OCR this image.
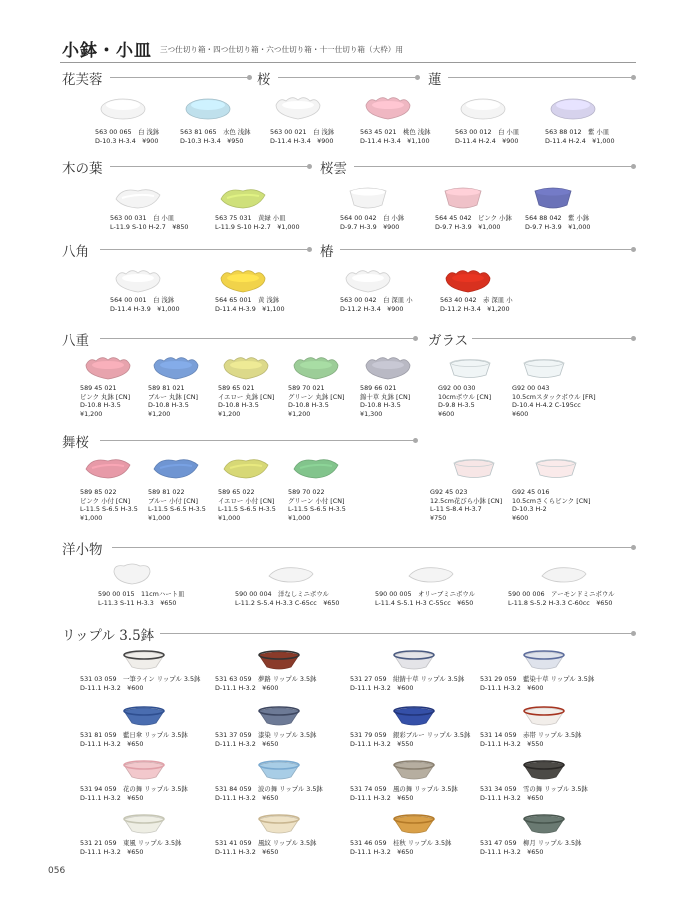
小鉢・小皿 三つ仕切り箱・四つ仕切り箱・六つ仕切り箱・十一仕切り箱（大枠）用
花芙蓉	桜	蓮
木の葉	桜雲
八角	椿
八重	ガラス
舞桜
洋小物
リップル 3.5鉢
563 00 065　白 浅鉢
D-10.3 H-3.4　¥900
563 81 065　水色 浅鉢
D-10.3 H-3.4　¥950
563 00 021　白 浅鉢
D-11.4 H-3.4　¥900
563 45 021　桃色 浅鉢
D-11.4 H-3.4　¥1,100
563 00 012　白 小皿
D-11.4 H-2.4　¥900
563 88 012　紫 小皿
D-11.4 H-2.4　¥1,000
563 00 031　白 小皿
L-11.9 S-10 H-2.7　¥850
563 75 031　黄緑 小皿
L-11.9 S-10 H-2.7　¥1,000
564 00 042　白 小鉢
D-9.7 H-3.9　¥900
564 45 042　ピンク 小鉢
D-9.7 H-3.9　¥1,000
564 88 042　紫 小鉢
D-9.7 H-3.9　¥1,000
564 00 001　白 浅鉢
D-11.4 H-3.9　¥1,000
564 65 001　黄 浅鉢
D-11.4 H-3.9　¥1,100
563 00 042　白 深皿 小
D-11.2 H-3.4　¥900
563 40 042　赤 深皿 小
D-11.2 H-3.4　¥1,200
589 45 021
ピンク 丸鉢 [CN]
D-10.8 H-3.5
¥1,200
589 81 021
ブルー 丸鉢 [CN]
D-10.8 H-3.5
¥1,200
589 65 021
イエロー 丸鉢 [CN]
D-10.8 H-3.5
¥1,200
589 70 021
グリーン 丸鉢 [CN]
D-10.8 H-3.5
¥1,200
589 66 021
錦十草 丸鉢 [CN]
D-10.8 H-3.5
¥1,300
G92 00 030
10cmボウル [CN]
D-9.8 H-3.5
¥600
G92 00 043
10.5cmスタックボウル [FR]
D-10.4 H-4.2 C-195cc
¥600
589 85 022
ピンク 小付 [CN]
L-11.5 S-6.5 H-3.5
¥1,000
589 81 022
ブルー 小付 [CN]
L-11.5 S-6.5 H-3.5
¥1,000
589 65 022
イエロー 小付 [CN]
L-11.5 S-6.5 H-3.5
¥1,000
589 70 022
グリーン 小付 [CN]
L-11.5 S-6.5 H-3.5
¥1,000
G92 45 023
12.5cm花びら小鉢 [CN]
L-11 S-8.4 H-3.7
¥750
G92 45 016
10.5cmさくらピンク [CN]
D-10.3 H-2
¥600
590 00 015　11cmハート皿
L-11.3 S-11 H-3.3　¥650
590 00 004　洋なしミニボウル
L-11.2 S-5.4 H-3.3 C-65cc　¥650
590 00 005　オリーブミニボウル
L-11.4 S-5.1 H-3 C-55cc　¥650
590 00 006　アーモンドミニボウル
L-11.8 S-5.2 H-3.3 C-60cc　¥650
531 03 059　一筆ライン リップル 3.5鉢
D-11.1 H-3.2　¥600
531 63 059　夢路 リップル 3.5鉢
D-11.1 H-3.2　¥600
531 27 059　紺錆十草 リップル 3.5鉢
D-11.1 H-3.2　¥600
531 29 059　藍染十草 リップル 3.5鉢
D-11.1 H-3.2　¥600
531 81 059　藍日傘 リップル 3.5鉢
D-11.1 H-3.2　¥650
531 37 059　漆染 リップル 3.5鉢
D-11.1 H-3.2　¥650
531 79 059　銀彩ブルー リップル 3.5鉢
D-11.1 H-3.2　¥550
531 14 059　赤帯 リップル 3.5鉢
D-11.1 H-3.2　¥550
531 94 059　花の舞 リップル 3.5鉢
D-11.1 H-3.2　¥650
531 84 059　波の舞 リップル 3.5鉢
D-11.1 H-3.2　¥650
531 74 059　風の舞 リップル 3.5鉢
D-11.1 H-3.2　¥650
531 34 059　雪の舞 リップル 3.5鉢
D-11.1 H-3.2　¥650
531 21 059　東風 リップル 3.5鉢
D-11.1 H-3.2　¥650
531 41 059　風紋 リップル 3.5鉢
D-11.1 H-3.2　¥650
531 46 059　桂秋 リップル 3.5鉢
D-11.1 H-3.2　¥650
531 47 059　柳月 リップル 3.5鉢
D-11.1 H-3.2　¥650
056
